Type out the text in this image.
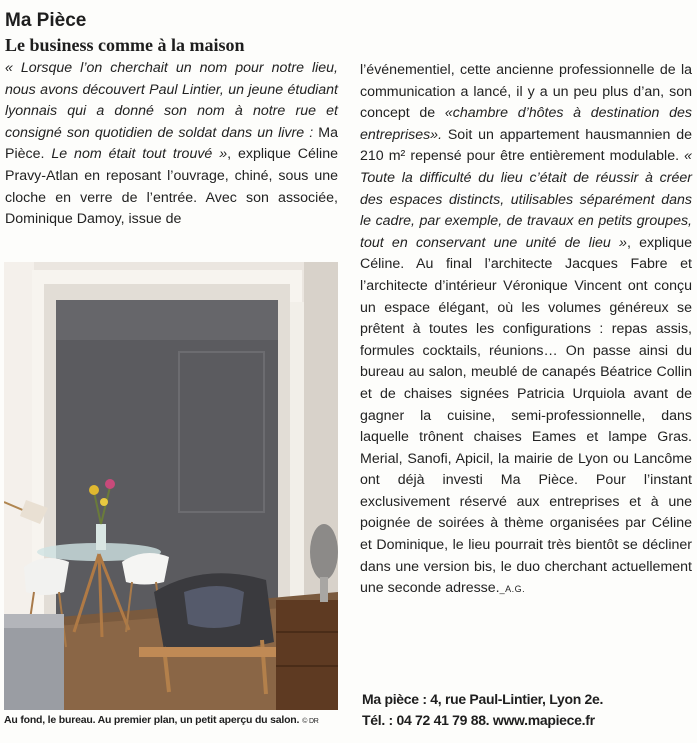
Ma Pièce
Le business comme à la maison

« Lorsque l’on cherchait un nom pour notre lieu, nous avons découvert Paul Lintier, un jeune étudiant lyonnais qui a donné son nom à notre rue et consigné son quotidien de soldat dans un livre : Ma Pièce. Le nom était tout trouvé », explique Céline Pravy-Atlan en reposant l’ouvrage, chiné, sous une cloche en verre de l’entrée. Avec son associée, Dominique Damoy, issue de

Au fond, le bureau. Au premier plan, un petit aperçu du salon. © DR

l’événementiel, cette ancienne professionnelle de la communication a lancé, il y a un peu plus d’an, son concept de «chambre d’hôtes à destination des entreprises». Soit un appartement hausmannien de 210 m² repensé pour être entièrement modulable. « Toute la difficulté du lieu c’était de réussir à créer des espaces distincts, utilisables séparément dans le cadre, par exemple, de travaux en petits groupes, tout en conservant une unité de lieu », explique Céline. Au final l’architecte Jacques Fabre et l’architecte d’intérieur Véronique Vincent ont conçu un espace élégant, où les volumes généreux se prêtent à toutes les configurations : repas assis, formules cocktails, réunions… On passe ainsi du bureau au salon, meublé de canapés Béatrice Collin et de chaises signées Patricia Urquiola avant de gagner la cuisine, semi-professionnelle, dans laquelle trônent chaises Eames et lampe Gras. Merial, Sanofi, Apicil, la mairie de Lyon ou Lancôme ont déjà investi Ma Pièce. Pour l’instant exclusivement réservé aux entreprises et à une poignée de soirées à thème organisées par Céline et Dominique, le lieu pourrait très bientôt se décliner dans une version bis, le duo cherchant actuellement une seconde adresse._A.G.

Ma pièce : 4, rue Paul-Lintier, Lyon 2e.
Tél. : 04 72 41 79 88. www.mapiece.fr
